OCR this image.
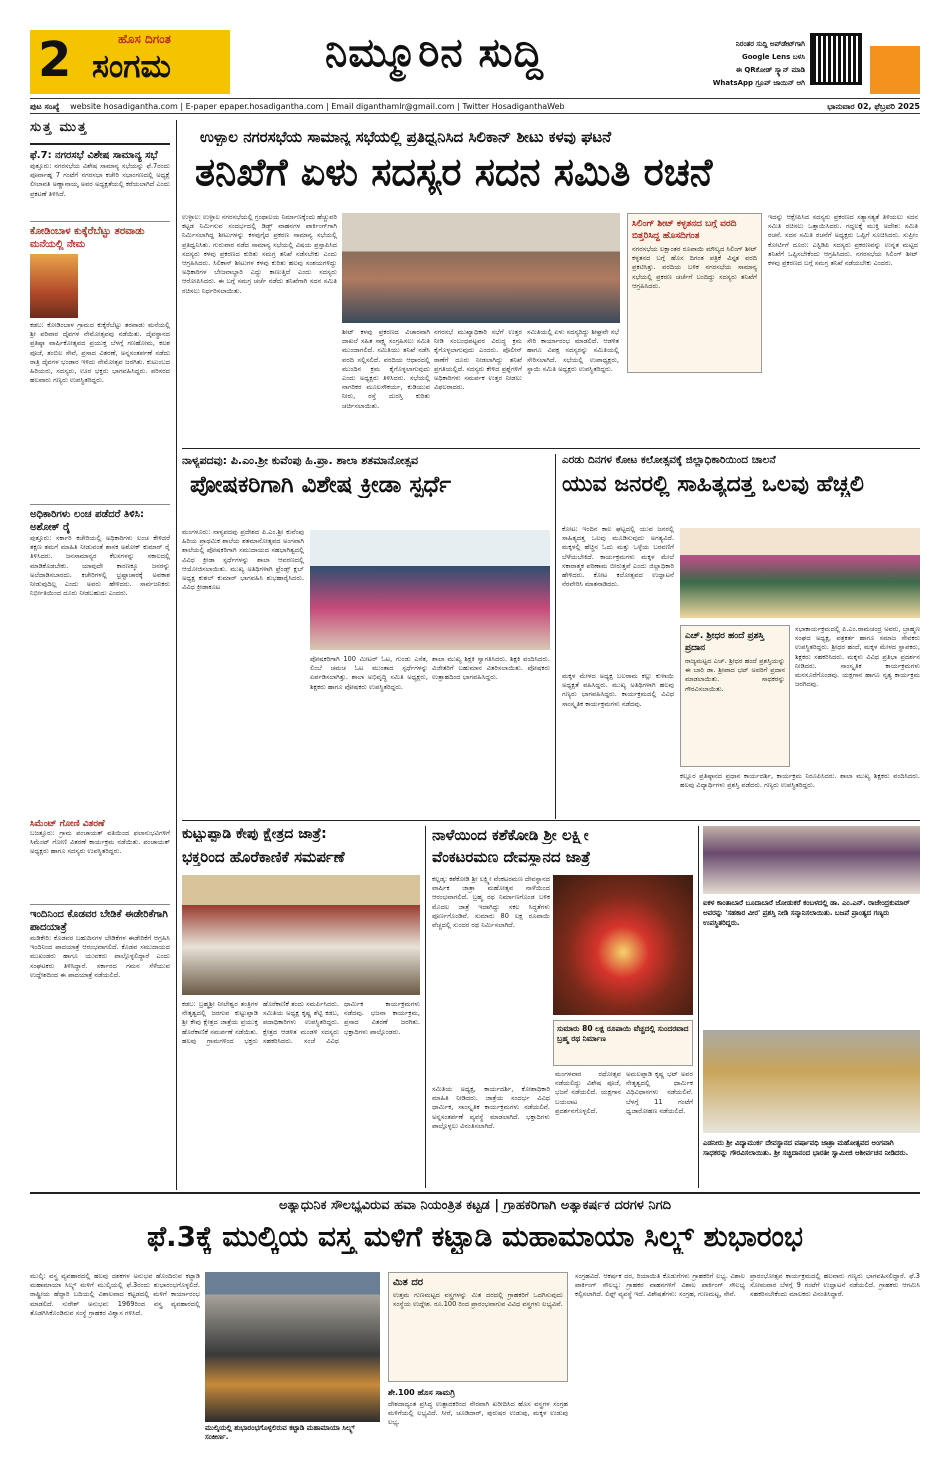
2	ಹೊಸ ದಿಗಂತ
ಸಂಗಮ	ನಿಮ್ಮೂರಿನ ಸುದ್ದಿ	ನಿರಂತರ ಸುದ್ದಿ ಅಪ್‌ಡೇಟ್‌ಗಾಗಿ
Google Lens ಬಳಸಿ
ಈ QRಕೋಡ್ ಸ್ಕ್ಯಾನ್ ಮಾಡಿ
WhatsApp ಗ್ರೂಪ್ ಜಾಯಿನ್ ಆಗಿ
ಪುಟ ಸಂಖ್ಯೆ website hosadigantha.com | E-paper epaper.hosadigantha.com | Email diganthamlr@gmail.com | Twitter HosadiganthaWeb	ಭಾನುವಾರ 02, ಫೆಬ್ರವರಿ 2025
ಸುತ್ತ ಮುತ್ತ
ಫೆ.7: ನಗರಸಭೆ ವಿಶೇಷ ಸಾಮಾನ್ಯ ಸಭೆ
ಪುತ್ತೂರು: ನಗರಸಭೆಯ ವಿಶೇಷ ಸಾಮಾನ್ಯ ಸಭೆಯನ್ನು ಫೆ.7ರಂದು ಪೂರ್ವಾಹ್ನ 7 ಗಂಟೆಗೆ ನಗರಸಭಾ ಕಚೇರಿ ಸಭಾಂಗಣದಲ್ಲಿ ಅಧ್ಯಕ್ಷೆ ಲೀಲಾವತಿ ಅಣ್ಣಾನಾಯ್ಕ ಅವರ ಅಧ್ಯಕ್ಷತೆಯಲ್ಲಿ ಕರೆಯಲಾಗಿದೆ ಎಂದು ಪ್ರಕಟಣೆ ತಿಳಿಸಿದೆ.
ಕೋಡಿಂಬಾಳ ಕುಕ್ಕೆರೆಬೆಟ್ಟು ತರವಾಡು ಮನೆಯಲ್ಲಿ ನೇಮ
ಕಡಬ: ಕೋಡಿಂಬಾಳ ಗ್ರಾಮದ ಕುಕ್ಕೆರೆಬೆಟ್ಟು ತರವಾಡು ಮನೆಯಲ್ಲಿ ಶ್ರೀ ಪರಿವಾರ ದೈವಗಳ ನೇಮೋತ್ಸವವು ನಡೆಯಿತು. ದೈವಸ್ಥಾನದ ಪ್ರತಿಷ್ಠಾ ವಾರ್ಷಿಕೋತ್ಸವದ ಪ್ರಯುಕ್ತ ಬೆಳಗ್ಗೆ ಗಣಹೋಮ, ಕಲಶ ಪೂಜೆ, ತಂಬಿಲ ಸೇವೆ, ಪ್ರಸಾದ ವಿತರಣೆ, ಅನ್ನಸಂತರ್ಪಣೆ ನಡೆದು ರಾತ್ರಿ ದೈವಗಳ ಭಂಡಾರ ಇಳಿದು ನೇಮೋತ್ಸವ ಜರಗಿತು. ಕುಟುಂಬದ ಹಿರಿಯರು, ಸದಸ್ಯರು, ಊರ ಭಕ್ತರು ಭಾಗವಹಿಸಿದ್ದರು. ಪರಿಸರದ ಹಲವಾರು ಗಣ್ಯರು ಉಪಸ್ಥಿತರಿದ್ದರು.
ಅಧಿಕಾರಿಗಳು ಲಂಚ ಪಡೆದರೆ ತಿಳಿಸಿ: ಅಶೋಕ್ ರೈ
ಪುತ್ತೂರು: ಸರ್ಕಾರಿ ಕಚೇರಿಯಲ್ಲಿ ಅಧಿಕಾರಿಗಳು ಲಂಚ ಕೇಳಿದರೆ ತಕ್ಷಣ ತಮಗೆ ಮಾಹಿತಿ ನೀಡುವಂತೆ ಶಾಸಕ ಅಶೋಕ್ ಕುಮಾರ್ ರೈ ತಿಳಿಸಿದರು. ಜನಸಾಮಾನ್ಯರ ಕೆಲಸಗಳನ್ನು ಸಕಾಲದಲ್ಲಿ ಮಾಡಿಕೊಡಬೇಕು. ಯಾವುದೇ ಕಾರಣಕ್ಕೂ ಜನರನ್ನು ಅಲೆದಾಡಿಸಬಾರದು. ಕಚೇರಿಗಳಲ್ಲಿ ಭ್ರಷ್ಟಾಚಾರಕ್ಕೆ ಅವಕಾಶ ನೀಡುವುದಿಲ್ಲ ಎಂದು ಅವರು ಹೇಳಿದರು. ಸಾರ್ವಜನಿಕರು ನಿರ್ಭೀತಿಯಿಂದ ದೂರು ನೀಡಬಹುದು ಎಂದರು.
ಸಿಮೆಂಟ್ ಗೋಣಿ ವಿತರಣೆ
ಬಜತ್ತೂರು: ಗ್ರಾಮ ಪಂಚಾಯತ್ ವತಿಯಿಂದ ಫಲಾನುಭವಿಗಳಿಗೆ ಸಿಮೆಂಟ್ ಗೋಣಿ ವಿತರಣೆ ಕಾರ್ಯಕ್ರಮ ನಡೆಯಿತು. ಪಂಚಾಯತ್ ಅಧ್ಯಕ್ಷರು ಹಾಗೂ ಸದಸ್ಯರು ಉಪಸ್ಥಿತರಿದ್ದರು.
ಇಂದಿನಿಂದ ಕೊಡವರ ಬೇಡಿಕೆ ಈಡೇರಿಕೆಗಾಗಿ ಪಾದಯಾತ್ರೆ
ಮಡಿಕೇರಿ: ಕೊಡವರ ಬಹುದಿನಗಳ ಬೇಡಿಕೆಗಳ ಈಡೇರಿಕೆಗೆ ಆಗ್ರಹಿಸಿ ಇಂದಿನಿಂದ ಪಾದಯಾತ್ರೆ ಆರಂಭವಾಗಲಿದೆ. ಕೊಡವ ಸಮುದಾಯದ ಮುಖಂಡರು ಹಾಗೂ ಯುವಕರು ಪಾಲ್ಗೊಳ್ಳಲಿದ್ದಾರೆ ಎಂದು ಸಂಘಟಕರು ತಿಳಿಸಿದ್ದಾರೆ. ಸರ್ಕಾರದ ಗಮನ ಸೆಳೆಯುವ ಉದ್ದೇಶದಿಂದ ಈ ಪಾದಯಾತ್ರೆ ನಡೆಯಲಿದೆ.
ಉಳ್ಳಾಲ ನಗರಸಭೆಯ ಸಾಮಾನ್ಯ ಸಭೆಯಲ್ಲಿ ಪ್ರತಿಧ್ವನಿಸಿದ ಸಿಲಿಕಾನ್ ಶೀಟು ಕಳವು ಘಟನೆ
ತನಿಖೆಗೆ ಏಳು ಸದಸ್ಯರ ಸದನ ಸಮಿತಿ ರಚನೆ
ಉಳ್ಳಾಲ: ಉಳ್ಳಾಲ ನಗರಸಭೆಯಲ್ಲಿ ಗ್ರಂಥಾಲಯ ನಿರ್ಮಾಣಕ್ಕೆಂದು ಹೆಚ್ಚುವರಿ ಕಟ್ಟಡ ನಿರ್ಮಿಸುವ ಸಂದರ್ಭದಲ್ಲಿ ಡಿಡ್ಜ್ ವಾಹನಗಳ ಪಾರ್ಕಿಂಗ್‌ಗಾಗಿ ನಿರ್ಮಿಸಲಾಗಿದ್ದ ಶೀಟುಗಳನ್ನು ಕಳವುಗೈದ ಪ್ರಕರಣ ಸಾಮಾನ್ಯ ಸಭೆಯಲ್ಲಿ ಪ್ರತಿಧ್ವನಿಸಿತು. ಗುರುವಾರ ನಡೆದ ಸಾಮಾನ್ಯ ಸಭೆಯಲ್ಲಿ ವಿಷಯ ಪ್ರಸ್ತಾಪಿಸಿದ ಸದಸ್ಯರು ಕಳವು ಪ್ರಕರಣದ ಕುರಿತು ಸಮಗ್ರ ತನಿಖೆ ನಡೆಸಬೇಕು ಎಂದು ಆಗ್ರಹಿಸಿದರು. ಸಿಲಿಕಾನ್ ಶೀಟುಗಳ ಕಳವು ಕುರಿತು ಹಲವು ಸಂಶಯಗಳಿದ್ದು ಅಧಿಕಾರಿಗಳ ಬೇಜವಾಬ್ದಾರಿ ಎದ್ದು ಕಾಣುತ್ತಿದೆ ಎಂದು ಸದಸ್ಯರು ಆರೋಪಿಸಿದರು. ಈ ಬಗ್ಗೆ ಸಮಗ್ರ ಚರ್ಚೆ ನಡೆದು ತನಿಖೆಗಾಗಿ ಸದನ ಸಮಿತಿ ರಚಿಸಲು ನಿರ್ಧರಿಸಲಾಯಿತು.
ಶೀಟ್ ಕಳವು ಪ್ರಕರಣದ ವಿಚಾರವಾಗಿ ದಾಖಲೆ ಸಹಿತ ಸಾಕ್ಷ್ಯ ಸಂಗ್ರಹಿಸಲು ಸಮಿತಿ ಮುಂದಾಗಲಿದೆ. ಸಮಿತಿಯು ತನಿಖೆ ನಡೆಸಿ ವರದಿ ಸಲ್ಲಿಸಲಿದೆ. ವರದಿಯ ಆಧಾರದಲ್ಲಿ ಮುಂದಿನ ಕ್ರಮ ಕೈಗೊಳ್ಳಲಾಗುವುದು ಎಂದು ಅಧ್ಯಕ್ಷರು ತಿಳಿಸಿದರು. ಸಭೆಯಲ್ಲಿ ನಾಗರಿಕರ ಮೂಲಸೌಕರ್ಯ, ಕುಡಿಯುವ ನೀರು, ರಸ್ತೆ ದುರಸ್ತಿ ಕುರಿತು ಚರ್ಚಿಸಲಾಯಿತು.
ನಗರಸಭೆ ಮುಖ್ಯಾಧಿಕಾರಿ ಸಭೆಗೆ ಉತ್ತರ ನೀಡಿ ಸಂಬಂಧಪಟ್ಟವರ ವಿರುದ್ಧ ಕ್ರಮ ಕೈಗೊಳ್ಳಲಾಗುವುದು ಎಂದರು. ಪೊಲೀಸ್ ಠಾಣೆಗೆ ದೂರು ನೀಡಲಾಗಿದ್ದು ತನಿಖೆ ಪ್ರಗತಿಯಲ್ಲಿದೆ. ಸದಸ್ಯರು ಕೇಳಿದ ಪ್ರಶ್ನೆಗಳಿಗೆ ಅಧಿಕಾರಿಗಳು ಸಮರ್ಪಕ ಉತ್ತರ ನೀಡಲು ವಿಫಲರಾದರು.
ಸಮಿತಿಯಲ್ಲಿ ಏಳು ಸದಸ್ಯರಿದ್ದು ಶೀಘ್ರವೇ ಸಭೆ ಸೇರಿ ಕಾರ್ಯಾರಂಭ ಮಾಡಲಿದೆ. ಆಡಳಿತ ಹಾಗೂ ವಿಪಕ್ಷ ಸದಸ್ಯರನ್ನು ಸಮಿತಿಯಲ್ಲಿ ಸೇರಿಸಲಾಗಿದೆ. ಸಭೆಯಲ್ಲಿ ಉಪಾಧ್ಯಕ್ಷರು, ಸ್ಥಾಯಿ ಸಮಿತಿ ಅಧ್ಯಕ್ಷರು ಉಪಸ್ಥಿತರಿದ್ದರು.
ಸಿಲಿಂಗ್ ಶೀಟ್ ಕಳ್ಳತನದ ಬಗ್ಗೆ ವರದಿ ಬಿತ್ತರಿಸಿದ್ದ ಹೊಸದಿಗಂತ
ನಗರಸಭೆಯ ಲಕ್ಷಾಂತರ ರೂಪಾಯಿ ಮೌಲ್ಯದ ಸಿಲಿಂಗ್ ಶೀಟ್ ಕಳ್ಳತನದ ಬಗ್ಗೆ ಹೊಸ ದಿಗಂತ ಪತ್ರಿಕೆ ವಿಸ್ತೃತ ವರದಿ ಪ್ರಕಟಿಸಿತ್ತು. ವರದಿಯ ಬಳಿಕ ನಗರಸಭೆಯ ಸಾಮಾನ್ಯ ಸಭೆಯಲ್ಲಿ ಪ್ರಕರಣ ಚರ್ಚೆಗೆ ಬಂದಿದ್ದು ಸದಸ್ಯರು ತನಿಖೆಗೆ ಆಗ್ರಹಿಸಿದರು.
ಇದನ್ನು ಆಕ್ಷೇಪಿಸಿದ ಸದಸ್ಯರು ಪ್ರಕರಣದ ಸತ್ಯಾಸತ್ಯತೆ ತಿಳಿಯಲು ಸದನ ಸಮಿತಿ ರಚಿಸಲು ಒತ್ತಾಯಿಸಿದರು. ಗದ್ದಲಕ್ಕೆ ಮುಕ್ತಿ ಅದೇಶ: ಸಮಿತಿ ರಚನೆ. ಸದನ ಸಮಿತಿ ರಚನೆಗೆ ಅಧ್ಯಕ್ಷರು ಒಪ್ಪಿಗೆ ಸೂಚಿಸಿದರು. ಸುಪ್ರೀಂ ಕೋರ್ಟಿಗೆ ದೂರು: ಎಸ್ಟಿಡಿಪಿ ಸದಸ್ಯರು ಪ್ರಕರಣವನ್ನು ಉನ್ನತ ಮಟ್ಟದ ತನಿಖೆಗೆ ಒಪ್ಪಿಸಬೇಕೆಂದು ಆಗ್ರಹಿಸಿದರು. ನಗರಸಭೆಯ ಸಿಲಿಂಗ್ ಶೀಟ್ ಕಳವು ಪ್ರಕರಣದ ಬಗ್ಗೆ ಸಮಗ್ರ ತನಿಖೆ ನಡೆಯಬೇಕು ಎಂದರು.
ನಾಳ್ಯಪದವು: ಪಿ.ಎಂ.ಶ್ರೀ ಕುವೆಂಪು ಹಿ.ಪ್ರಾ. ಶಾಲಾ ಶತಮಾನೋತ್ಸವ
ಪೋಷಕರಿಗಾಗಿ ವಿಶೇಷ ಕ್ರೀಡಾ ಸ್ಪರ್ಧೆ
ಮಂಗಳೂರು: ನಾಳ್ಯಪದವು ಪ್ರದೇಶದ ಪಿ.ಎಂ.ಶ್ರೀ ಕುವೆಂಪು ಹಿರಿಯ ಪ್ರಾಥಮಿಕ ಶಾಲೆಯ ಶತಮಾನೋತ್ಸವದ ಅಂಗವಾಗಿ ಶಾಲೆಯಲ್ಲಿ ಪೋಷಕರಿಗಾಗಿ ಸಮುದಾಯದ ಸಹಭಾಗಿತ್ವದಲ್ಲಿ ವಿವಿಧ ಕ್ರೀಡಾ ಸ್ಪರ್ಧೆಗಳನ್ನು ಶಾಲಾ ಆವರಣದಲ್ಲಿ ಆಯೋಜಿಸಲಾಯಿತು. ಮುಖ್ಯ ಅತಿಥಿಗಳಾಗಿ ಫ್ರೆಂಡ್ಸ್ ಕ್ಲಬ್ ಅಧ್ಯಕ್ಷ ಕುಶಲ್ ಕುಮಾರ್ ಭಾಗವಹಿಸಿ ಶುಭಹಾರೈಸಿದರು. ವಿವಿಧ ಕ್ರೀಡಾಕೂಟ
ಪೋಷಕರಿಗಾಗಿ 100 ಮೀಟರ್ ಓಟ, ಗುಂಡು ಎಸೆತ, ಲಿಂಬೆ ಚಮಚ ಓಟ ಮುಂತಾದ ಸ್ಪರ್ಧೆಗಳನ್ನು ಏರ್ಪಡಿಸಲಾಗಿತ್ತು. ಶಾಲಾ ಅಭಿವೃದ್ಧಿ ಸಮಿತಿ ಅಧ್ಯಕ್ಷರು, ಶಿಕ್ಷಕರು ಹಾಗೂ ಪೋಷಕರು ಉಪಸ್ಥಿತರಿದ್ದರು.
ಶಾಲಾ ಮುಖ್ಯ ಶಿಕ್ಷಕಿ ಸ್ವಾಗತಿಸಿದರು. ಶಿಕ್ಷಕಿ ವಂದಿಸಿದರು. ವಿಜೇತರಿಗೆ ಬಹುಮಾನ ವಿತರಿಸಲಾಯಿತು. ಪೋಷಕರು ಉತ್ಸಾಹದಿಂದ ಭಾಗವಹಿಸಿದ್ದರು.
ಎರಡು ದಿನಗಳ ಕೋಟ ಕಲೋತ್ಸವಕ್ಕೆ ಜಿಲ್ಲಾಧಿಕಾರಿಯಿಂದ ಚಾಲನೆ
ಯುವ ಜನರಲ್ಲಿ ಸಾಹಿತ್ಯದತ್ತ ಒಲವು ಹೆಚ್ಚಲಿ
ಕೋಟ: ಇಂದಿನ ಕಾಲ ಘಟ್ಟದಲ್ಲಿ ಯುವ ಜನರಲ್ಲಿ ಸಾಹಿತ್ಯದತ್ತ ಒಲವು ಮೂಡಿಸುವುದು ಅಗತ್ಯವಿದೆ. ಮಕ್ಕಳಲ್ಲಿ ಹೆಚ್ಚಿನ ಓದು ಮತ್ತು ಒಳ್ಳೆಯ ಬರವಣಿಗೆ ಬೆಳೆಯಬೇಕಿದೆ. ಕಾರ್ಯಕ್ರಮಗಳು ಮಕ್ಕಳ ಮೇಲೆ ಸಕಾರಾತ್ಮಕ ಪರಿಣಾಮ ಬೀರುತ್ತವೆ ಎಂದು ಜಿಲ್ಲಾಧಿಕಾರಿ ಹೇಳಿದರು. ಕೋಟ ಕಲೋತ್ಸವದ ಉದ್ಘಾಟನೆ ನೆರವೇರಿಸಿ ಮಾತನಾಡಿದರು.
ಮಕ್ಕಳ ಮೇಳದ ಅಧ್ಯಕ್ಷ ಬಲರಾಮ ಕಲ್ಲು ಕುಳಾಯಿ ಅಧ್ಯಕ್ಷತೆ ವಹಿಸಿದ್ದರು. ಮುಖ್ಯ ಅತಿಥಿಗಳಾಗಿ ಹಲವು ಗಣ್ಯರು ಭಾಗವಹಿಸಿದ್ದರು. ಕಾರ್ಯಕ್ರಮದಲ್ಲಿ ವಿವಿಧ ಸಾಂಸ್ಕೃತಿಕ ಕಾರ್ಯಕ್ರಮಗಳು ನಡೆದವು.
ಎಚ್. ಶ್ರೀಧರ ಹಂದೆ ಪ್ರಶಸ್ತಿ ಪ್ರದಾನ
ರಾಜ್ಯಮಟ್ಟದ ಎಚ್. ಶ್ರೀಧರ ಹಂದೆ ಪ್ರಶಸ್ತಿಯನ್ನು ಈ ಬಾರಿ ಡಾ. ಶ್ರೀಪಾದ ಭಟ್ ಅವರಿಗೆ ಪ್ರದಾನ ಮಾಡಲಾಯಿತು. ಸಾಧಕರನ್ನು ಗೌರವಿಸಲಾಯಿತು.
ಸಭಾಕಾರ್ಯಕ್ರಮದಲ್ಲಿ ಪಿ.ಎಂ.ರಾಮಚಂದ್ರ ಅವರು, ಬ್ರಾಹ್ಮಣ ಸಂಘದ ಅಧ್ಯಕ್ಷ, ಪತ್ರಕರ್ತ ಹಾಗೂ ಸಮಾಜ ಸೇವಕರು ಉಪಸ್ಥಿತರಿದ್ದರು. ಶ್ರೀಧರ ಹಂದೆ, ಮಕ್ಕಳ ಮೇಳದ ಸ್ಥಾಪಕರು, ಶಿಕ್ಷಕರು ಸಹಕರಿಸಿದರು. ಮಕ್ಕಳು ವಿವಿಧ ಪ್ರತಿಭಾ ಪ್ರದರ್ಶನ ನೀಡಿದರು. ಸಾಂಸ್ಕೃತಿಕ ಕಾರ್ಯಕ್ರಮಗಳು ಮನಸೂರೆಗೊಂಡವು. ಯಕ್ಷಗಾನ ಹಾಗೂ ನೃತ್ಯ ಕಾರ್ಯಕ್ರಮ ಜರಗಿದವು.
ಕಲ್ಲೂರ ಪ್ರತಿಷ್ಠಾನದ ಪ್ರಧಾನ ಕಾರ್ಯದರ್ಶಿ, ಕಾರ್ಯಕ್ರಮ ನಿರೂಪಿಸಿದರು. ಶಾಲಾ ಮುಖ್ಯ ಶಿಕ್ಷಕರು ವಂದಿಸಿದರು. ಹಲವು ವಿದ್ಯಾರ್ಥಿಗಳು ಪ್ರಶಸ್ತಿ ಪಡೆದರು. ಗಣ್ಯರು ಉಪಸ್ಥಿತರಿದ್ದರು.
ಕುಟ್ಟುಪ್ಪಾಡಿ ಕೇಪು ಕ್ಷೇತ್ರದ ಜಾತ್ರೆ:
ಭಕ್ತರಿಂದ ಹೊರೆಕಾಣಿಕೆ ಸಮರ್ಪಣೆ
ಕಡಬ: ಬ್ರಹ್ಮಶ್ರೀ ನೀಲೇಶ್ವರ ತಂತ್ರಿಗಳ ನೇತೃತ್ವದಲ್ಲಿ ಜರಗುವ ಕುಟ್ಟುಪ್ಪಾಡಿ ಶ್ರೀ ಕೇಪು ಕ್ಷೇತ್ರದ ಜಾತ್ರೆಯ ಪ್ರಯುಕ್ತ ಹೊರೆಕಾಣಿಕೆ ಸಮರ್ಪಣೆ ನಡೆಯಿತು. ಹಲವು ಗ್ರಾಮಗಳಿಂದ ಭಕ್ತರು ಹೊರೆಕಾಣಿಕೆ ತಂದು ಸಮರ್ಪಿಸಿದರು. ಸಮಿತಿಯ ಅಧ್ಯಕ್ಷ ಕೃಷ್ಣ ಶೆಟ್ಟಿ ಕಡಬ, ಪದಾಧಿಕಾರಿಗಳು ಉಪಸ್ಥಿತರಿದ್ದರು. ಕ್ಷೇತ್ರದ ಆಡಳಿತ ಮಂಡಳಿ ಸದಸ್ಯರು ಸಹಕರಿಸಿದರು. ಸಂಜೆ ವಿವಿಧ ಧಾರ್ಮಿಕ ಕಾರ್ಯಕ್ರಮಗಳು ನಡೆದವು. ಭಜನಾ ಕಾರ್ಯಕ್ರಮ, ಪ್ರಸಾದ ವಿತರಣೆ ಜರಗಿತು. ಭಕ್ತಾದಿಗಳು ಪಾಲ್ಗೊಂಡರು.
ನಾಳೆಯಿಂದ ಕಶೆಕೋಡಿ ಶ್ರೀ ಲಕ್ಷ್ಮೀ
ವೆಂಕಟರಮಣ ದೇವಸ್ಥಾನದ ಜಾತ್ರೆ
ಕಲ್ಲಡ್ಕ: ಕಶೆಕೋಡಿ ಶ್ರೀ ಲಕ್ಷ್ಮೀ ವೆಂಕಟರಮಣ ದೇವಸ್ಥಾನದ ವಾರ್ಷಿಕ ಜಾತ್ರಾ ಮಹೋತ್ಸವ ನಾಳೆಯಿಂದ ಆರಂಭವಾಗಲಿದೆ. ಬ್ರಹ್ಮ ರಥ ನಿರ್ಮಾಣಗೊಂಡ ಬಳಿಕ ಮೊದಲ ಜಾತ್ರೆ ಇದಾಗಿದ್ದು ಸಕಲ ಸಿದ್ಧತೆಗಳು ಪೂರ್ಣಗೊಂಡಿವೆ. ಸುಮಾರು 80 ಲಕ್ಷ ರೂಪಾಯಿ ವೆಚ್ಚದಲ್ಲಿ ಸುಂದರ ರಥ ನಿರ್ಮಿಸಲಾಗಿದೆ.
ಸುಮಾರು 80 ಲಕ್ಷ ರೂಪಾಯಿ ವೆಚ್ಚದಲ್ಲಿ ಸುಂದರವಾದ ಬ್ರಹ್ಮ ರಥ ನಿರ್ಮಾಣ
ಸಮಿತಿಯ ಅಧ್ಯಕ್ಷ, ಕಾರ್ಯದರ್ಶಿ, ಕೋಶಾಧಿಕಾರಿ ಮಾಹಿತಿ ನೀಡಿದರು. ಜಾತ್ರೆಯ ಸಂದರ್ಭ ವಿವಿಧ ಧಾರ್ಮಿಕ, ಸಾಂಸ್ಕೃತಿಕ ಕಾರ್ಯಕ್ರಮಗಳು ನಡೆಯಲಿವೆ. ಅನ್ನಸಂತರ್ಪಣೆ ವ್ಯವಸ್ಥೆ ಮಾಡಲಾಗಿದೆ. ಭಕ್ತಾದಿಗಳು ಪಾಲ್ಗೊಳ್ಳಲು ವಿನಂತಿಸಲಾಗಿದೆ.
ಮಂಗಳವಾರ ರಥೋತ್ಸವ ನಡೆಯಲಿದ್ದು ವಿಶೇಷ ಪೂಜೆ, ಭಜನೆ ನಡೆಯಲಿದೆ. ಯಕ್ಷಗಾನ ಬಯಲಾಟ ಪ್ರದರ್ಶನಗೊಳ್ಳಲಿದೆ.
ಅಮಲಪ್ಪಾಡಿ ಕೃಷ್ಣ ಭಟ್ ಅವರ ನೇತೃತ್ವದಲ್ಲಿ ಧಾರ್ಮಿಕ ವಿಧಿವಿಧಾನಗಳು ನಡೆಯಲಿವೆ. ಬೆಳಗ್ಗೆ 11 ಗಂಟೆಗೆ ಧ್ವಜಾರೋಹಣ ನಡೆಯಲಿದೆ.
ಐಕಳ ಕಾಂತಾಬಾರೆ ಬೂದಾಬಾರೆ ಜೋಡುಕರೆ ಕಂಬಳದಲ್ಲಿ ಡಾ. ಎಂ.ಎನ್. ರಾಜೇಂದ್ರಕುಮಾರ್ ಅವರನ್ನು 'ಸಹಕಾರ ವೀರ' ಪ್ರಶಸ್ತಿ ನೀಡಿ ಸನ್ಮಾನಿಸಲಾಯಿತು. ಬಜಪೆ ಪ್ರಾಂತ್ಯದ ಗಣ್ಯರು ಉಪಸ್ಥಿತರಿದ್ದರು.
ಎಡನೀರು ಶ್ರೀ ವಿದ್ಯಾಮುರ್ಕ ದೇವಸ್ಥಾನದ ವರ್ಷಾವಧಿ ಜಾತ್ರಾ ಮಹೋತ್ಸವದ ಅಂಗವಾಗಿ ಸಾಧಕರನ್ನು ಗೌರವಿಸಲಾಯಿತು. ಶ್ರೀ ಸಚ್ಚಿದಾನಂದ ಭಾರತೀ ಸ್ವಾಮೀಜಿ ಆಶೀರ್ವಚನ ನೀಡಿದರು.
ಅತ್ಯಾಧುನಿಕ ಸೌಲಭ್ಯವಿರುವ ಹವಾ ನಿಯಂತ್ರಿತ ಕಟ್ಟಡ | ಗ್ರಾಹಕರಿಗಾಗಿ ಅತ್ಯಾಕರ್ಷಕ ದರಗಳ ನಿಗದಿ
ಫೆ.3ಕ್ಕೆ ಮುಲ್ಕಿಯ ವಸ್ತ್ರ ಮಳಿಗೆ ಕಟ್ಟಾಡಿ ಮಹಾಮಾಯಾ ಸಿಲ್ಕ್ಸ್ ಶುಭಾರಂಭ
ಮುಲ್ಕಿ: ವಸ್ತ್ರ ವ್ಯವಹಾರದಲ್ಲಿ ಹಲವು ದಶಕಗಳ ಅನುಭವ ಹೊಂದಿರುವ ಕಟ್ಟಾಡಿ ಮಹಾಮಾಯಾ ಸಿಲ್ಕ್ಸ್ ಮಳಿಗೆ ಮುಲ್ಕಿಯಲ್ಲಿ ಫೆ.3ರಂದು ಶುಭಾರಂಭಗೊಳ್ಳಲಿದೆ. ರಾಷ್ಟ್ರೀಯ ಹೆದ್ದಾರಿ ಬದಿಯಲ್ಲಿ ವಿಶಾಲವಾದ ಕಟ್ಟಡದಲ್ಲಿ ಮಳಿಗೆ ಕಾರ್ಯಾರಂಭ ಮಾಡಲಿದೆ. ಸುರೇಶ್ ಅನುಭವ: 1969ರಿಂದ ವಸ್ತ್ರ ವ್ಯವಹಾರದಲ್ಲಿ ತೊಡಗಿಸಿಕೊಂಡಿರುವ ಸಂಸ್ಥೆ ಗ್ರಾಹಕರ ವಿಶ್ವಾಸ ಗಳಿಸಿದೆ.
ಮುಲ್ಕಿಯಲ್ಲಿ ಶುಭಾರಂಭಗೊಳ್ಳಲಿರುವ ಕಟ್ಟಾಡಿ ಮಹಾಮಾಯಾ ಸಿಲ್ಕ್ಸ್ ಸಂಕೀರ್ಣ.
ಮಿತ ದರ
ಉತ್ತಮ ಗುಣಮಟ್ಟದ ವಸ್ತ್ರಗಳನ್ನು ಮಿತ ದರದಲ್ಲಿ ಗ್ರಾಹಕರಿಗೆ ಒದಗಿಸುವುದು ಸಂಸ್ಥೆಯ ಉದ್ದೇಶ. ರೂ.100 ರಿಂದ ಪ್ರಾರಂಭವಾಗುವ ವಿವಿಧ ವಸ್ತ್ರಗಳು ಲಭ್ಯವಿವೆ.
ಶೇ.100 ಹೊಸ ಸಾಮಗ್ರಿ
ದೇಶದಾದ್ಯಂತ ಪ್ರಸಿದ್ಧ ಉತ್ಪಾದಕರಿಂದ ನೇರವಾಗಿ ಖರೀದಿಸಿದ ಹೊಸ ವಸ್ತ್ರಗಳ ಸಂಗ್ರಹ ಮಳಿಗೆಯಲ್ಲಿ ಲಭ್ಯವಿದೆ. ಸೀರೆ, ಚೂಡಿದಾರ್, ಪುರುಷರ ಉಡುಪು, ಮಕ್ಕಳ ಉಡುಪು ಲಭ್ಯ.
ಸಂಗ್ರಹವಿದೆ. ಆಕರ್ಷಕ ದರ, ರಿಯಾಯಿತಿ ಕೊಡುಗೆಗಳು ಗ್ರಾಹಕರಿಗೆ ಲಭ್ಯ. ವಿಶಾಲ ಪಾರ್ಕಿಂಗ್ ಸೌಲಭ್ಯ: ಗ್ರಾಹಕರ ವಾಹನಗಳಿಗೆ ವಿಶಾಲ ಪಾರ್ಕಿಂಗ್ ಸೌಲಭ್ಯ ಕಲ್ಪಿಸಲಾಗಿದೆ. ಲಿಫ್ಟ್ ವ್ಯವಸ್ಥೆ ಇದೆ. ವಿಶೇಷತೆಗಳು: ಸಂಗ್ರಹ, ಗುಣಮಟ್ಟ, ಸೇವೆ.
ಪ್ರಾರಂಭೋತ್ಸವ ಕಾರ್ಯಕ್ರಮದಲ್ಲಿ ಹಲವಾರು ಗಣ್ಯರು ಭಾಗವಹಿಸಲಿದ್ದಾರೆ. ಫೆ.3 ಸೋಮವಾರ ಬೆಳಗ್ಗೆ 9 ಗಂಟೆಗೆ ಉದ್ಘಾಟನೆ ನಡೆಯಲಿದೆ. ಗ್ರಾಹಕರು ಆಗಮಿಸಿ ಸಹಕರಿಸಬೇಕೆಂದು ಮಾಲಕರು ವಿನಂತಿಸಿದ್ದಾರೆ.
